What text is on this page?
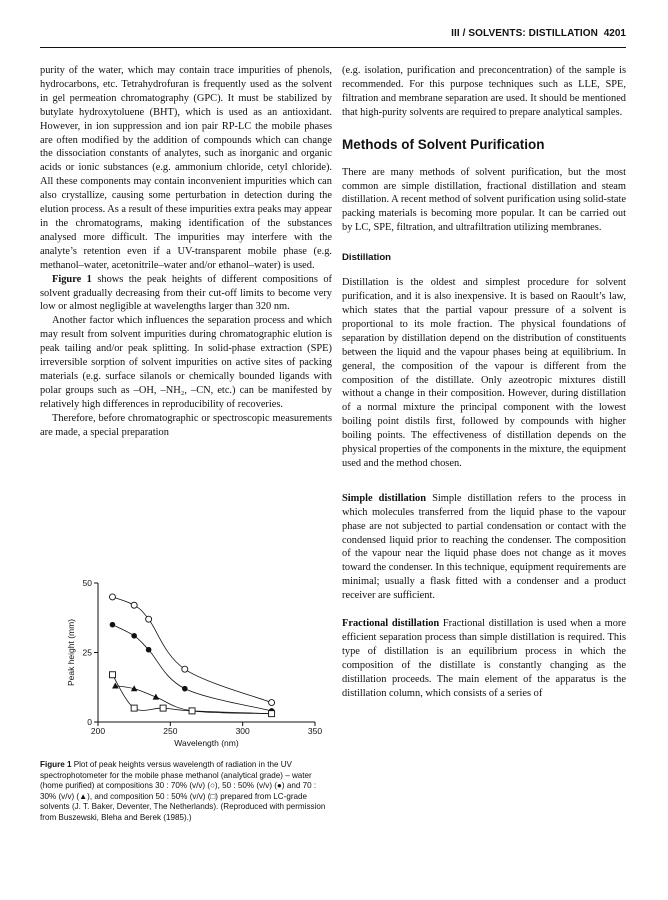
III / SOLVENTS: DISTILLATION 4201

purity of the water, which may contain trace impurities of phenols, hydrocarbons, etc. Tetrahydrofuran is frequently used as the solvent in gel permeation chromatography (GPC). It must be stabilized by butylate hydroxytoluene (BHT), which is used as an antioxidant. However, in ion suppression and ion pair RP-LC the mobile phases are often modified by the addition of compounds which can change the dissociation constants of analytes, such as inorganic and organic acids or ionic substances (e.g. ammonium chloride, cetyl chloride). All these components may contain inconvenient impurities which can also crystallize, causing some perturbation in detection during the elution process. As a result of these impurities extra peaks may appear in the chromatograms, making identification of the substances analysed more difficult. The impurities may interfere with the analyte’s retention even if a UV-transparent mobile phase (e.g. methanol–water, acetonitrile–water and/or ethanol–water) is used.

Figure 1 shows the peak heights of different compositions of solvent gradually decreasing from their cut-off limits to become very low or almost negligible at wavelengths larger than 320 nm.

Another factor which influences the separation process and which may result from solvent impurities during chromatographic elution is peak tailing and/or peak splitting. In solid-phase extraction (SPE) irreversible sorption of solvent impurities on active sites of packing materials (e.g. surface silanols or chemically bounded ligands with polar groups such as –OH, –NH₂, –CN, etc.) can be manifested by relatively high differences in reproducibility of recoveries.

Therefore, before chromatographic or spectroscopic measurements are made, a special preparation

200	250	300	350
0
25
50
Wavelength (nm)
Peak height (mm)
Figure 1 Plot of peak heights versus wavelength of radiation in the UV spectrophotometer for the mobile phase methanol (analytical grade) – water (home purified) at compositions 30 : 70% (v/v) (○), 50 : 50% (v/v) (●) and 70 : 30% (v/v) (▲), and composition 50 : 50% (v/v) (□) prepared from LC-grade solvents (J. T. Baker, Deventer, The Netherlands). (Reproduced with permission from Buszewski, Bleha and Berek (1985).)

(e.g. isolation, purification and preconcentration) of the sample is recommended. For this purpose techniques such as LLE, SPE, filtration and membrane separation are used. It should be mentioned that high-purity solvents are required to prepare analytical samples.

Methods of Solvent Purification

There are many methods of solvent purification, but the most common are simple distillation, fractional distillation and steam distillation. A recent method of solvent purification using solid-state packing materials is becoming more popular. It can be carried out by LC, SPE, filtration, and ultrafiltration utilizing membranes.

Distillation

Distillation is the oldest and simplest procedure for solvent purification, and it is also inexpensive. It is based on Raoult’s law, which states that the partial vapour pressure of a solvent is proportional to its mole fraction. The physical foundations of separation by distillation depend on the distribution of constituents between the liquid and the vapour phases being at equilibrium. In general, the composition of the vapour is different from the composition of the distillate. Only azeotropic mixtures distill without a change in their composition. However, during distillation of a normal mixture the principal component with the lowest boiling point distils first, followed by compounds with higher boiling points. The effectiveness of distillation depends on the physical properties of the components in the mixture, the equipment used and the method chosen.

Simple distillation Simple distillation refers to the process in which molecules transferred from the liquid phase to the vapour phase are not subjected to partial condensation or contact with the condensed liquid prior to reaching the condenser. The composition of the vapour near the liquid phase does not change as it moves toward the condenser. In this technique, equipment requirements are minimal; usually a flask fitted with a condenser and a product receiver are sufficient.

Fractional distillation Fractional distillation is used when a more efficient separation process than simple distillation is required. This type of distillation is an equilibrium process in which the composition of the distillate is constantly changing as the distillation proceeds. The main element of the apparatus is the distillation column, which consists of a series of
